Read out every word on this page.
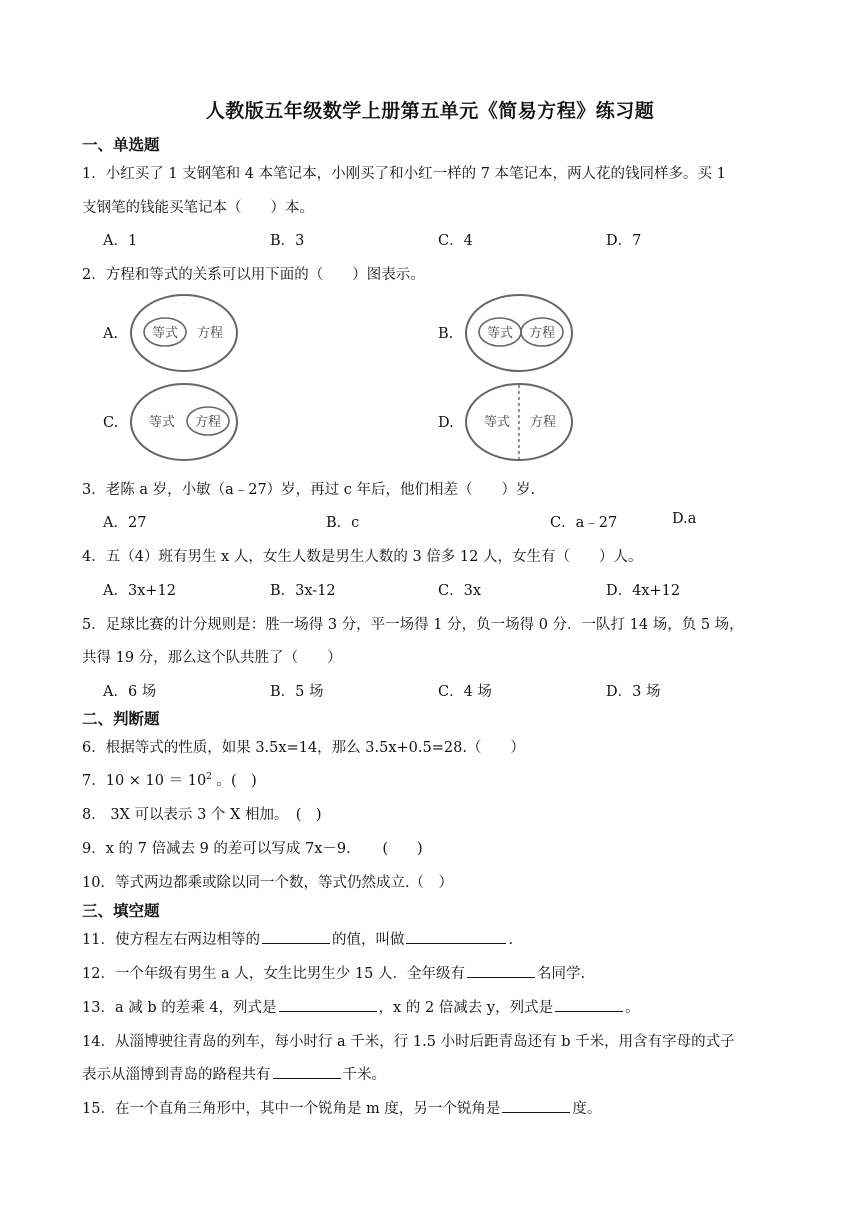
人教版五年级数学上册第五单元《简易方程》练习题
一、单选题
1．小红买了 1 支钢笔和 4 本笔记本，小刚买了和小红一样的 7 本笔记本，两人花的钱同样多。买 1
支钢笔的钱能买笔记本（　　）本。
A．1	B．3	C．4	D．7
2．方程和等式的关系可以用下面的（　　）图表示。
A.	等式 方程	B.	等式 方程
C. 等式 方程	D. 等式 方程
3．老陈 a 岁，小敏（a﹣27）岁，再过 c 年后，他们相差（　　）岁.
A．27	B．c	C．a﹣27	D.a
4．五（4）班有男生 x 人，女生人数是男生人数的 3 倍多 12 人，女生有（　　）人。
A．3x+12	B．3x-12	C．3x	D．4x+12
5．足球比赛的计分规则是：胜一场得 3 分，平一场得 1 分，负一场得 0 分．一队打 14 场，负 5 场，
共得 19 分，那么这个队共胜了（　　）
A．6 场	B．5 场	C．4 场	D．3 场
二、判断题
6．根据等式的性质，如果 3.5x=14，那么 3.5x+0.5=28.（　　）
7．$10 \times 10 = 10^2$ 。(　)
8． 3X 可以表示 3 个 X 相加。　(　)
9．x 的 7 倍减去 9 的差可以写成 7x－9．　　(　　)
10．等式两边都乘或除以同一个数，等式仍然成立.（　）
三、填空题
11．使方程左右两边相等的	的值，叫做	.
12．一个年级有男生 a 人，女生比男生少 15 人．全年级有	名同学.
13．a 减 b 的差乘 4，列式是	，x 的 2 倍减去 y，列式是	。
14．从淄博驶往青岛的列车，每小时行 a 千米，行 1.5 小时后距青岛还有 b 千米，用含有字母的式子
表示从淄博到青岛的路程共有	千米。
15．在一个直角三角形中，其中一个锐角是 m 度，另一个锐角是	度。
